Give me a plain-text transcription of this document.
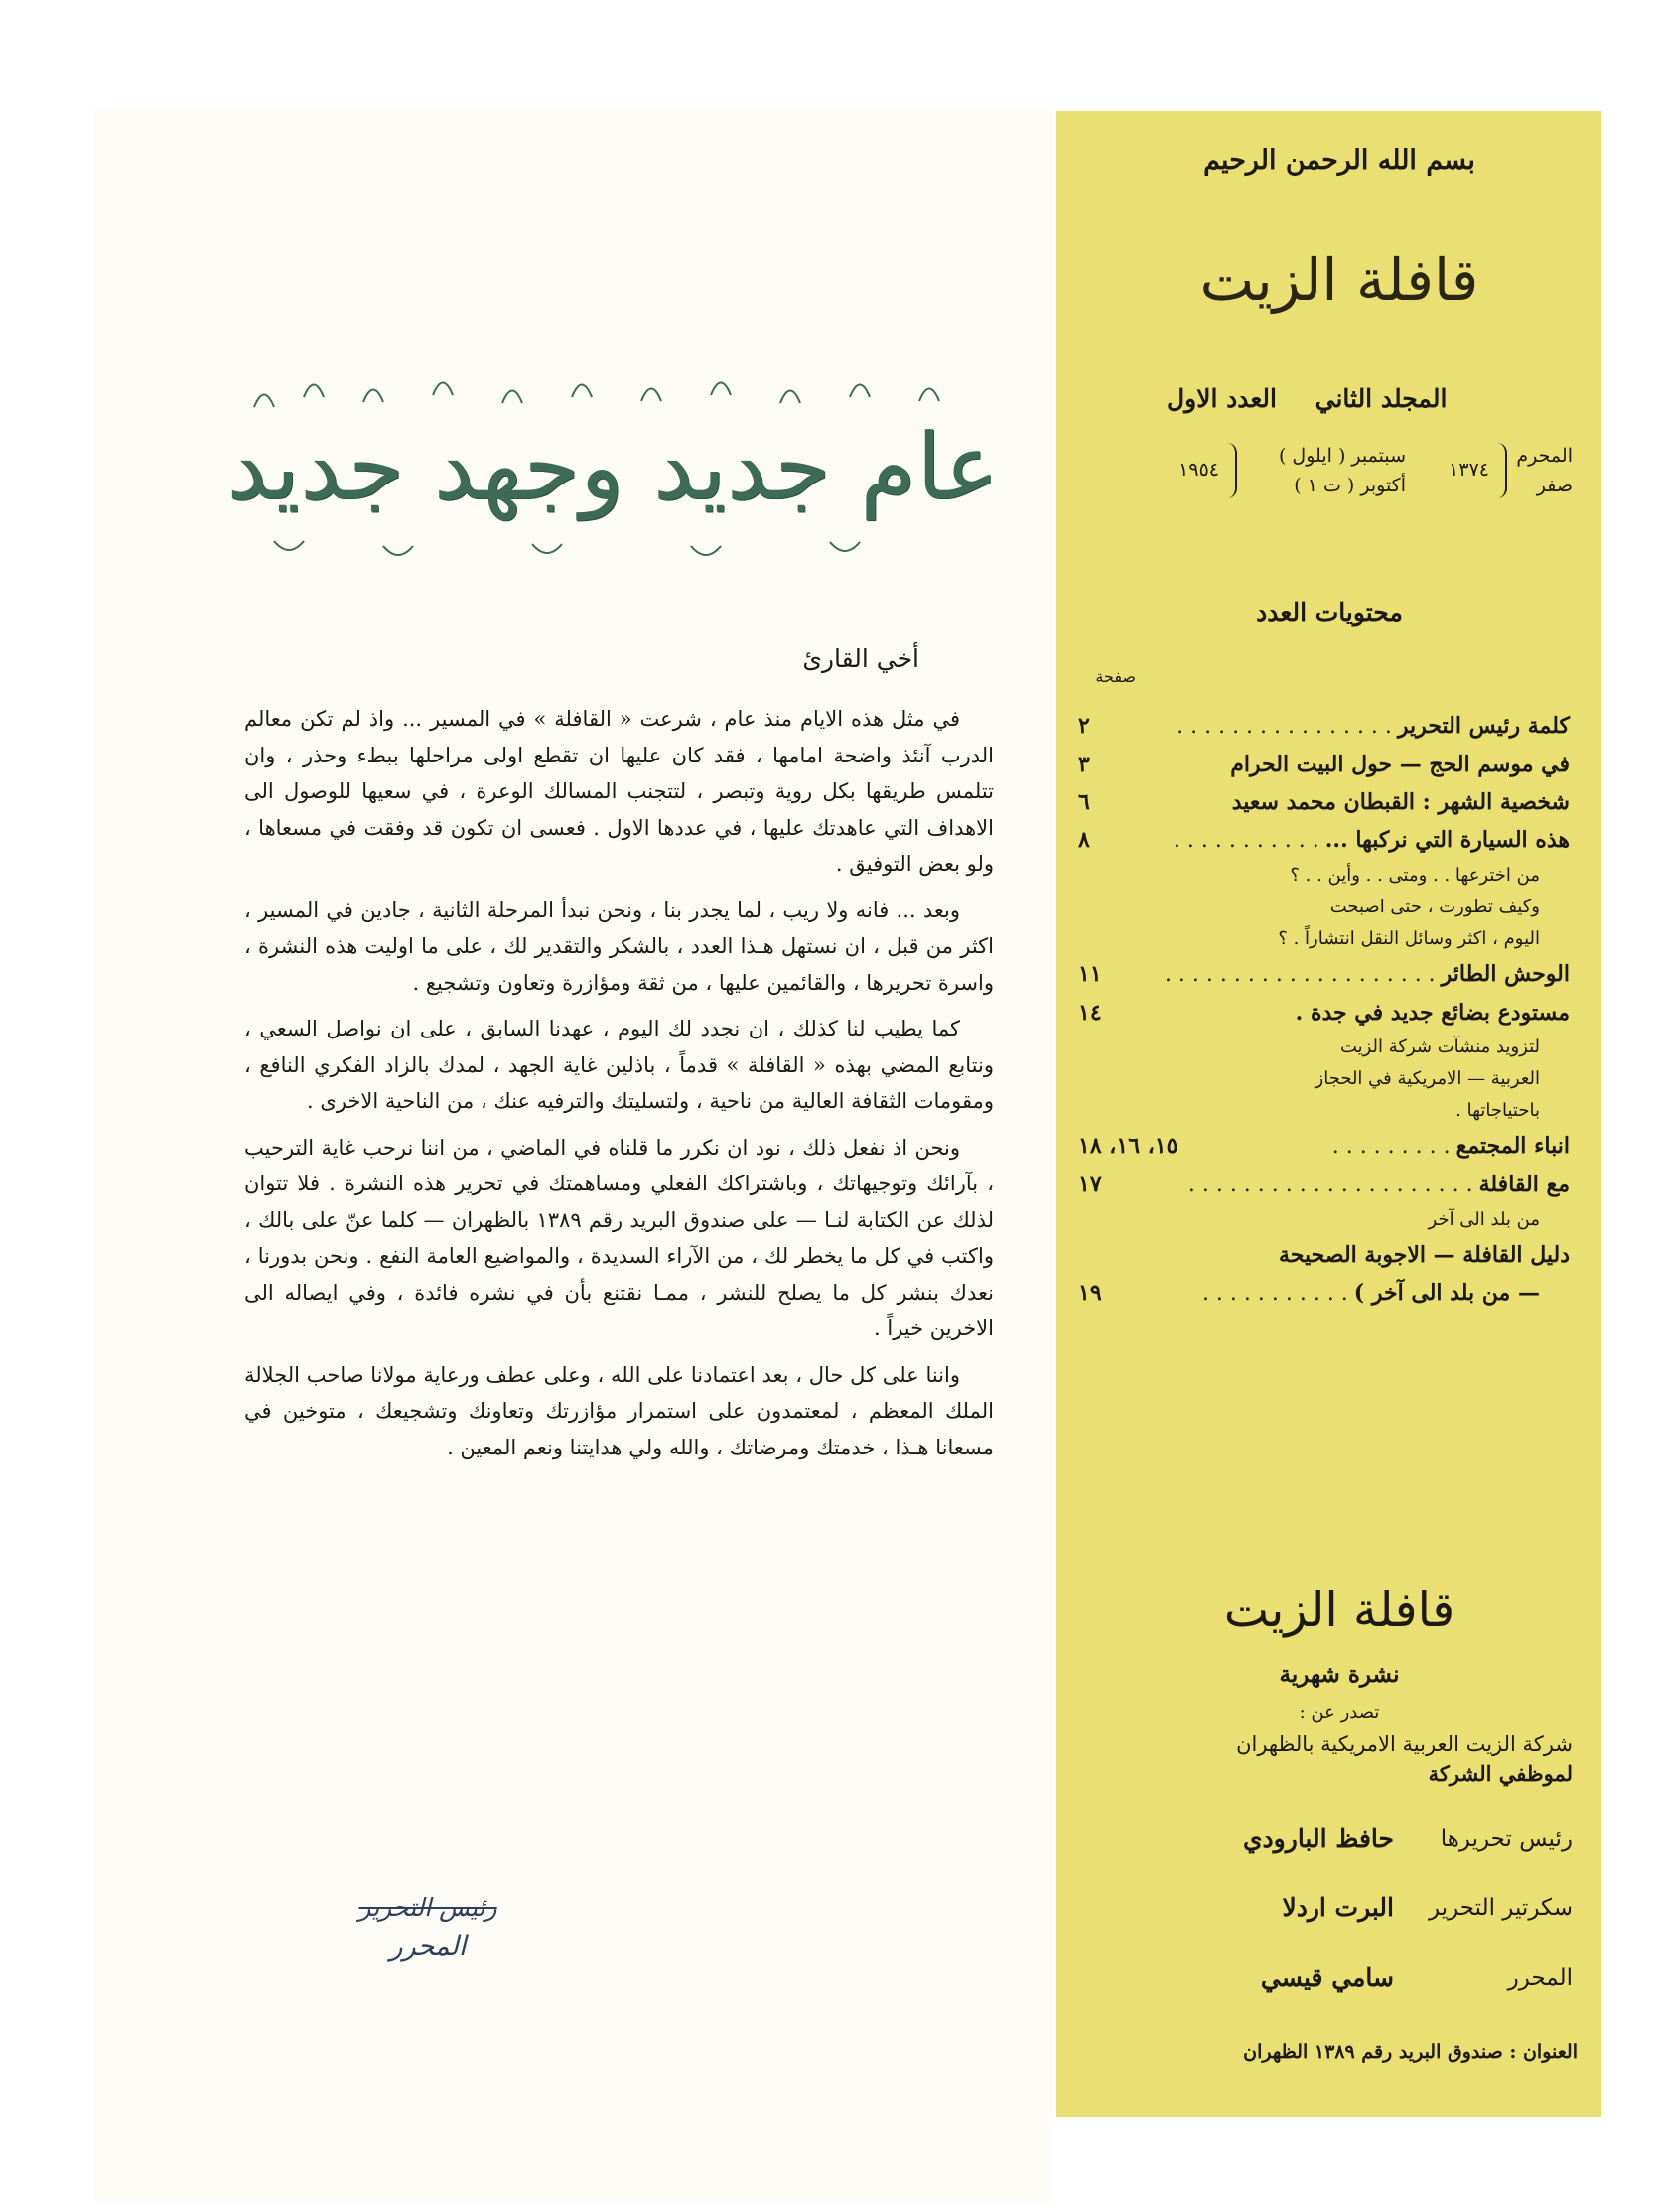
عام جديد وجهد جديد
أخي القارئ

في مثل هذه الايام منذ عام ، شرعت « القافلة » في المسير ... واذ لم تكن معالم الدرب آنئذ واضحة امامها ، فقد كان عليها ان تقطع اولى مراحلها ببطء وحذر ، وان تتلمس طريقها بكل روية وتبصر ، لتتجنب المسالك الوعرة ، في سعيها للوصول الى الاهداف التي عاهدتك عليها ، في عددها الاول . فعسى ان تكون قد وفقت في مسعاها ، ولو بعض التوفيق .

وبعد ... فانه ولا ريب ، لما يجدر بنا ، ونحن نبدأ المرحلة الثانية ، جادين في المسير ، اكثر من قبل ، ان نستهل هـذا العدد ، بالشكر والتقدير لك ، على ما اوليت هذه النشرة ، واسرة تحريرها ، والقائمين عليها ، من ثقة ومؤازرة وتعاون وتشجيع .

كما يطيب لنا كذلك ، ان نجدد لك اليوم ، عهدنا السابق ، على ان نواصل السعي ، ونتابع المضي بهذه « القافلة » قدماً ، باذلين غاية الجهد ، لمدك بالزاد الفكري النافع ، ومقومات الثقافة العالية من ناحية ، ولتسليتك والترفيه عنك ، من الناحية الاخرى .

ونحن اذ نفعل ذلك ، نود ان نكرر ما قلناه في الماضي ، من اننا نرحب غاية الترحيب ، بآرائك وتوجيهاتك ، وباشتراكك الفعلي ومساهمتك في تحرير هذه النشرة . فلا تتوان لذلك عن الكتابة لنـا — على صندوق البريد رقم ١٣٨٩ بالظهران — كلما عنّ على بالك ، واكتب في كل ما يخطر لك ، من الآراء السديدة ، والمواضيع العامة النفع . ونحن بدورنا ، نعدك بنشر كل ما يصلح للنشر ، ممـا نقتنع بأن في نشره فائدة ، وفي ايصاله الى الاخرين خيراً .

واننا على كل حال ، بعد اعتمادنا على الله ، وعلى عطف ورعاية مولانا صاحب الجلالة الملك المعظم ، لمعتمدون على استمرار مؤازرتك وتعاونك وتشجيعك ، متوخين في مسعانا هـذا ، خدمتك ومرضاتك ، والله ولي هدايتنا ونعم المعين .

رئيس التحرير
المحرر
بسم الله الرحمن الرحيم
قافلة الزيت
العدد الاول	المجلد الثاني
المحرم
صفر
١٣٧٤
سبتمبر ( ايلول )
أكتوبر ( ت ١ )
١٩٥٤
محتويات العدد
صفحة
كلمة رئيس التحرير
. . . . . . . . . . . . . . . .
٢
في موسم الحج — حول البيت الحرام
٣
شخصية الشهر : القبطان محمد سعيد
٦
هذه السيارة التي نركبها ...
. . . . . . . . . . .
٨
من اخترعها . . ومتى . . وأين . . ؟
وكيف تطورت ، حتى اصبحت
اليوم ، اكثر وسائل النقل انتشاراً . ؟
الوحش الطائر
. . . . . . . . . . . . . . . . . . . .
١١
مستودع بضائع جديد في جدة .
١٤
لتزويد منشآت شركة الزيت
العربية — الامريكية في الحجاز
باحتياجاتها .
انباء المجتمع
. . . . . . . . .
١٥، ١٦، ١٨
مع القافلة
. . . . . . . . . . . . . . . . . . . . .
١٧
من بلد الى آخر
دليل القافلة — الاجوبة الصحيحة
— من بلد الى آخر )
. . . . . . . . . . .
١٩
قافلة الزيت
نشرة شهرية
تصدر عن :
شركة الزيت العربية الامريكية بالظهران
لموظفي الشركة
رئيس تحريرها
حافظ البارودي
سكرتير التحرير
البرت اردلا
المحرر
سامي قيسي
العنوان : صندوق البريد رقم ١٣٨٩ الظهران
